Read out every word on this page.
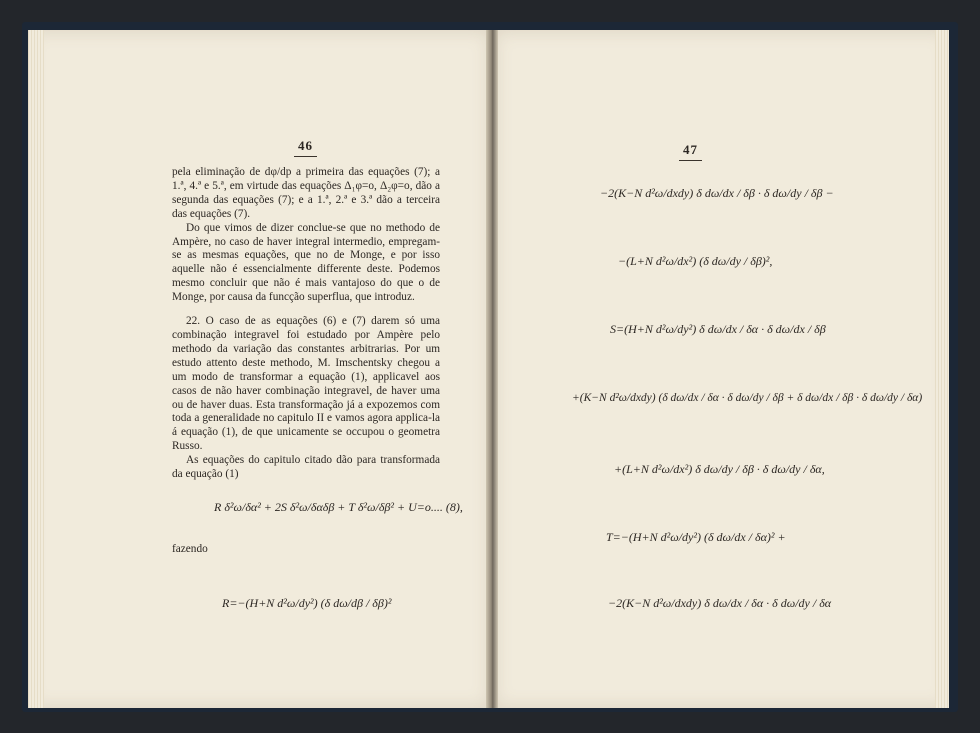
46

pela eliminação de dφ/dp a primeira das equações (7); a 1.ª, 4.ª e 5.ª, em virtude das equações Δ₁φ=o, Δ₂φ=o, dão a segunda das equações (7); e a 1.ª, 2.ª e 3.ª dão a terceira das equações (7).

Do que vimos de dizer conclue-se que no methodo de Ampère, no caso de haver integral intermedio, empregam-se as mesmas equações, que no de Monge, e por isso aquelle não é essencialmente differente deste. Podemos mesmo concluir que não é mais vantajoso do que o de Monge, por causa da funcção superflua, que introduz.

22. O caso de as equações (6) e (7) darem só uma combinação integravel foi estudado por Ampère pelo methodo da variação das constantes arbitrarias. Por um estudo attento deste methodo, M. Imschentsky chegou a um modo de transformar a equação (1), applicavel aos casos de não haver combinação integravel, de haver uma ou de haver duas. Esta transformação já a expozemos com toda a generalidade no capitulo II e vamos agora applica-la á equação (1), de que unicamente se occupou o geometra Russo.

As equações do capitulo citado dão para transformada da equação (1)

R δ²ω/δα² + 2S δ²ω/δαδβ + T δ²ω/δβ² + U=o.... (8),
fazendo
R=−(H+N d²ω/dy²) (δ dω/dβ / δβ)²
47
−2(K−N d²ω/dxdy) δ dω/dx / δβ · δ dω/dy / δβ −
−(L+N d²ω/dx²) (δ dω/dy / δβ)²,
S=(H+N d²ω/dy²) δ dω/dx / δα · δ dω/dx / δβ
+(K−N d²ω/dxdy) (δ dω/dx / δα · δ dω/dy / δβ + δ dω/dx / δβ · δ dω/dy / δα)
+(L+N d²ω/dx²) δ dω/dy / δβ · δ dω/dy / δα,
T=−(H+N d²ω/dy²) (δ dω/dx / δα)² +
−2(K−N d²ω/dxdy) δ dω/dx / δα · δ dω/dy / δα
